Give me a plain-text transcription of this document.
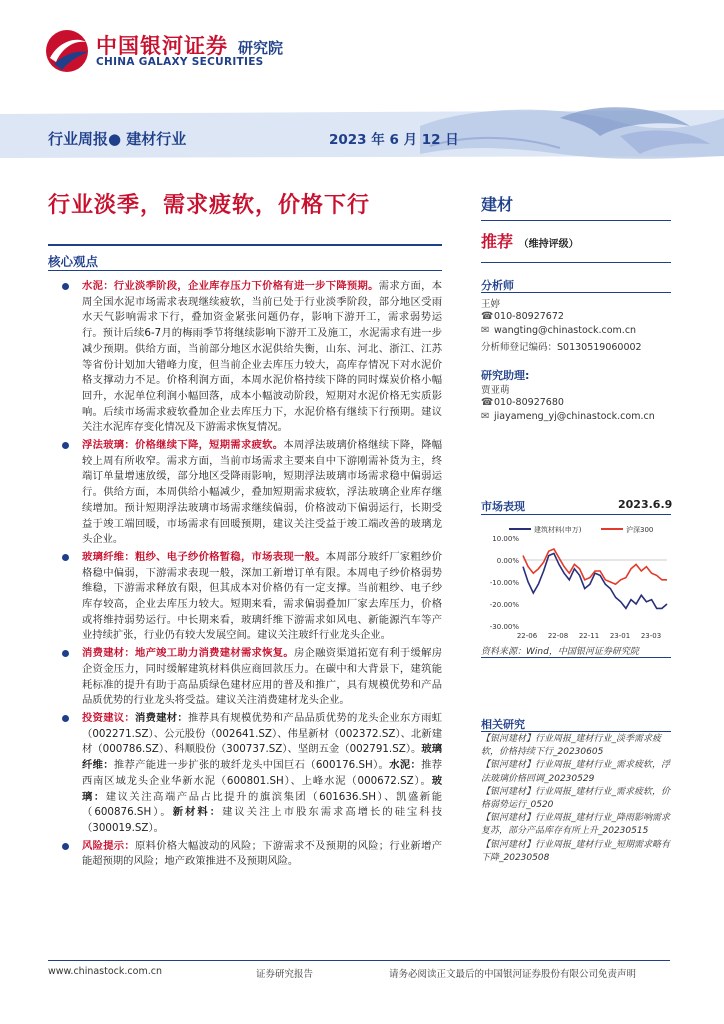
中国银河证券 研究院
CHINA GALAXY SECURITIES
行业周报● 建材行业	2023 年 6 月 12 日
行业淡季，需求疲软，价格下行
核心观点
水泥：行业淡季阶段，企业库存压力下价格有进一步下降预期。需求方面，本周全国水泥市场需求表现继续疲软，当前已处于行业淡季阶段，部分地区受雨水天气影响需求下行，叠加资金紧张问题仍存，影响下游开工，需求弱势运行。预计后续6-7月的梅雨季节将继续影响下游开工及施工，水泥需求有进一步减少预期。供给方面，当前部分地区水泥供给失衡，山东、河北、浙江、江苏等省份计划加大错峰力度，但当前企业去库压力较大，高库存情况下对水泥价格支撑动力不足。价格利润方面，本周水泥价格持续下降的同时煤炭价格小幅回升，水泥单位利润小幅回落，成本小幅波动阶段，短期对水泥价格无实质影响。后续市场需求疲软叠加企业去库压力下，水泥价格有继续下行预期。建议关注水泥库存变化情况及下游需求恢复情况。
浮法玻璃：价格继续下降，短期需求疲软。本周浮法玻璃价格继续下降，降幅较上周有所收窄。需求方面，当前市场需求主要来自中下游刚需补货为主，终端订单量增速放缓，部分地区受降雨影响，短期浮法玻璃市场需求稳中偏弱运行。供给方面，本周供给小幅减少，叠加短期需求疲软，浮法玻璃企业库存继续增加。预计短期浮法玻璃市场需求继续偏弱，价格波动下偏弱运行，长期受益于竣工端回暖，市场需求有回暖预期，建议关注受益于竣工端改善的玻璃龙头企业。
玻璃纤维：粗纱、电子纱价格暂稳，市场表现一般。本周部分玻纤厂家粗纱价格稳中偏弱，下游需求表现一般，深加工新增订单有限。本周电子纱价格弱势维稳，下游需求释放有限，但其成本对价格仍有一定支撑。当前粗纱、电子纱库存较高，企业去库压力较大。短期来看，需求偏弱叠加厂家去库压力，价格或将维持弱势运行。中长期来看，玻璃纤维下游需求如风电、新能源汽车等产业持续扩张，行业仍有较大发展空间。建议关注玻纤行业龙头企业。
消费建材：地产竣工助力消费建材需求恢复。房企融资渠道拓宽有利于缓解房企资金压力，同时缓解建筑材料供应商回款压力。在碳中和大背景下，建筑能耗标准的提升有助于高品质绿色建材应用的普及和推广，具有规模优势和产品品质优势的行业龙头将受益。建议关注消费建材龙头企业。
投资建议：消费建材：推荐具有规模优势和产品品质优势的龙头企业东方雨虹（002271.SZ）、公元股份（002641.SZ）、伟星新材（002372.SZ）、北新建材（000786.SZ）、科顺股份（300737.SZ）、坚朗五金（002791.SZ）。玻璃纤维：推荐产能进一步扩张的玻纤龙头中国巨石（600176.SH）。水泥：推荐西南区域龙头企业华新水泥（600801.SH）、上峰水泥（000672.SZ）。玻璃：建议关注高端产品占比提升的旗滨集团（601636.SH）、凯盛新能（600876.SH）。新材料：建议关注上市股东需求高增长的硅宝科技（300019.SZ）。
风险提示：原料价格大幅波动的风险；下游需求不及预期的风险；行业新增产能超预期的风险；地产政策推进不及预期风险。
建材
推荐 （维持评级）
分析师
王婷
☎010-80927672
✉ wangting@chinastock.com.cn
分析师登记编码：S0130519060002
研究助理:
贾亚萌
☎010-80927680
✉ jiayameng_yj@chinastock.com.cn
市场表现	2023.6.9
10.00%
0.00%
-10.00%
-20.00%
-30.00%
22-06 22-08 22-11 23-01 23-03
建筑材料(申万)	沪深300
资料来源：Wind，中国银河证券研究院
相关研究
【银河建材】行业周报_建材行业_淡季需求疲软，价格持续下行_20230605
【银河建材】行业周报_建材行业_需求疲软，浮法玻璃价格回调_20230529
【银河建材】行业周报_建材行业_需求疲软，价格弱势运行_0520
【银河建材】行业周报_建材行业_降雨影响需求复苏，部分产品库存有所上升_20230515
【银河建材】行业周报_建材行业_短期需求略有下降_20230508
www.chinastock.com.cn	证券研究报告	请务必阅读正文最后的中国银河证券股份有限公司免责声明
